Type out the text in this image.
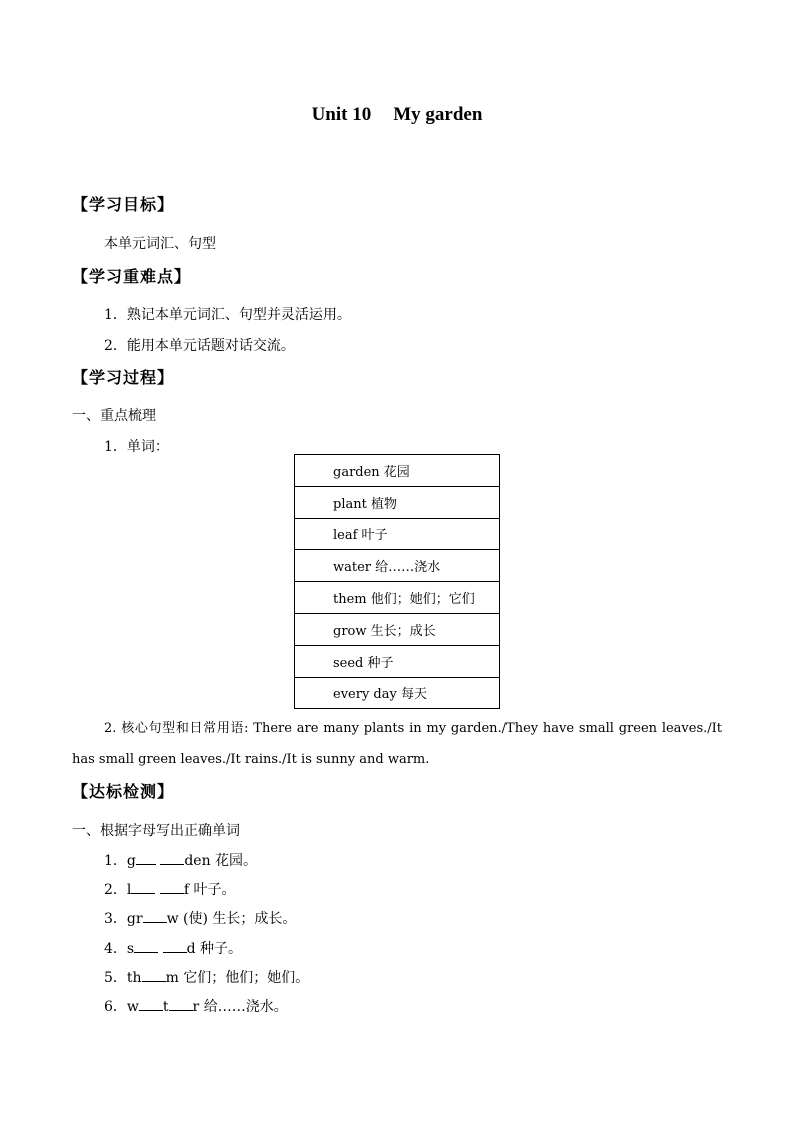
Unit 10 My garden
【学习目标】
本单元词汇、句型
【学习重难点】
1．熟记本单元词汇、句型并灵活运用。
2．能用本单元话题对话交流。
【学习过程】
一、重点梳理
1．单词：
garden 花园
plant 植物
leaf 叶子
water 给……浇水
them 他们；她们；它们
grow 生长；成长
seed 种子
every day 每天
2. 核心句型和日常用语: There are many plants in my garden./They have small green leaves./It has small green leaves./It rains./It is sunny and warm.
【达标检测】
一、根据字母写出正确单词
1．g	den 花园。
2．l	f 叶子。
3．gr w (使) 生长；成长。
4．s	d 种子。
5．th m 它们；他们；她们。
6．w t r 给……浇水。
